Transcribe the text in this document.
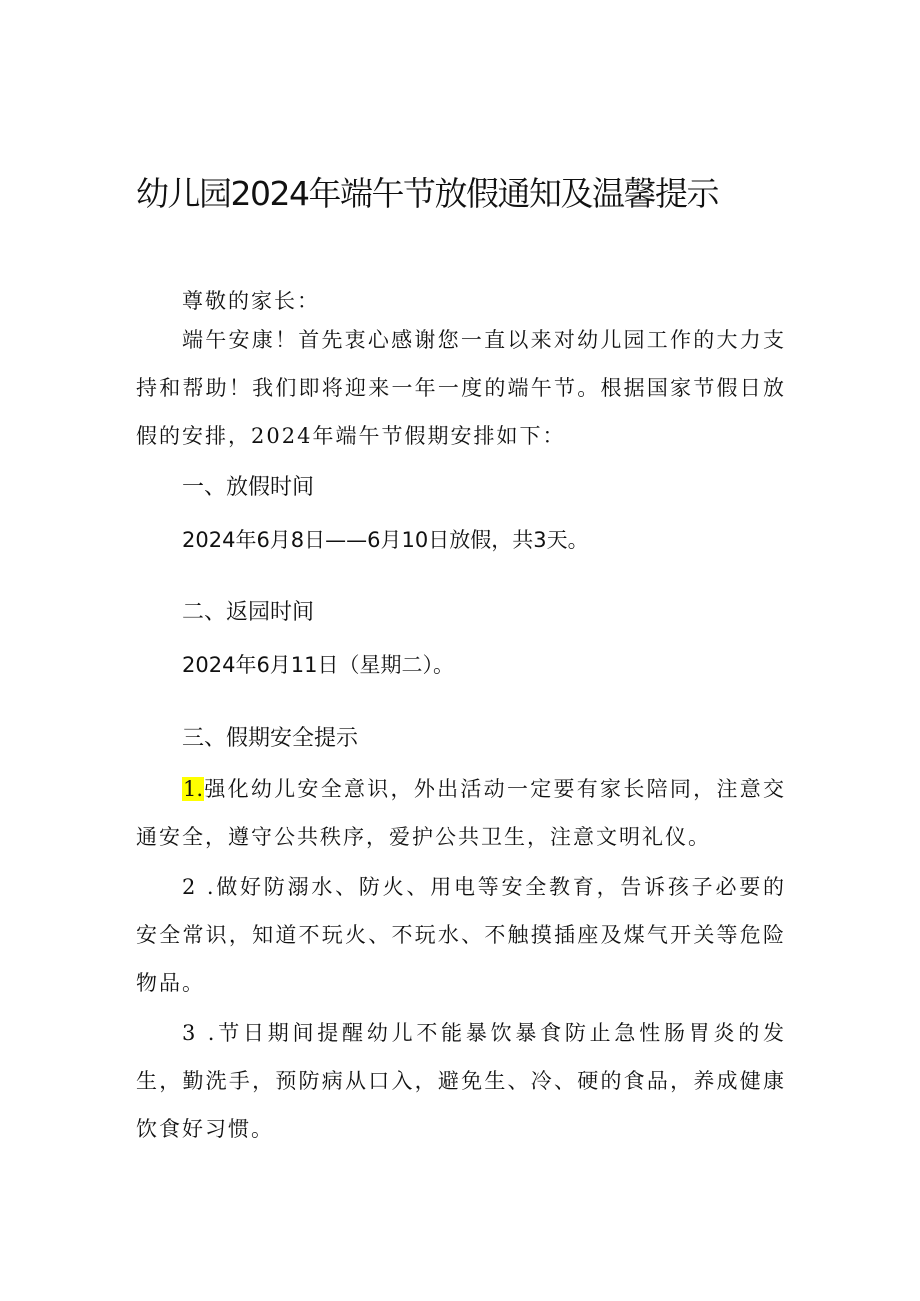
幼儿园2024年端午节放假通知及温馨提示

尊敬的家长：

端午安康！首先衷心感谢您一直以来对幼儿园工作的大力支持和帮助！我们即将迎来一年一度的端午节。根据国家节假日放假的安排，2024年端午节假期安排如下：

一、放假时间
2024年6月8日——6月10日放假，共3天。
二、返园时间
2024年6月11日（星期二）。
三、假期安全提示

1.强化幼儿安全意识，外出活动一定要有家长陪同，注意交通安全，遵守公共秩序，爱护公共卫生，注意文明礼仪。

2 .做好防溺水、防火、用电等安全教育，告诉孩子必要的安全常识，知道不玩火、不玩水、不触摸插座及煤气开关等危险物品。

3 .节日期间提醒幼儿不能暴饮暴食防止急性肠胃炎的发生，勤洗手，预防病从口入，避免生、冷、硬的食品，养成健康饮食好习惯。
